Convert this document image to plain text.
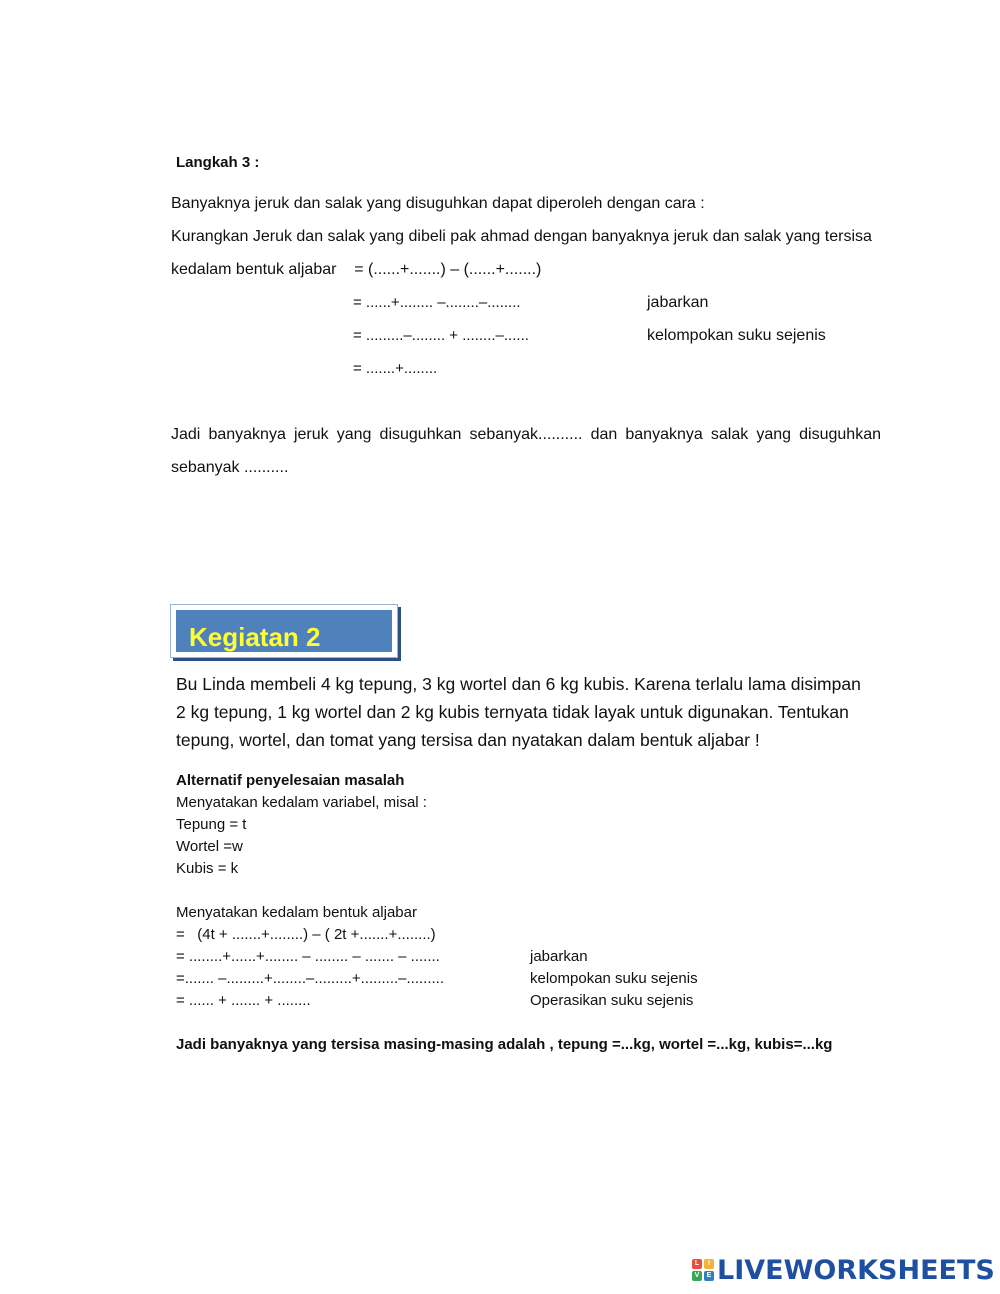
Langkah 3 :
Banyaknya jeruk dan salak yang disuguhkan dapat diperoleh dengan cara :
Kurangkan Jeruk dan salak yang dibeli pak ahmad dengan banyaknya jeruk dan salak yang tersisa
kedalam bentuk aljabar    = (......+.......) – (......+.......)
= ......+........ –........–........	jabarkan
= .........–........ + ........–......	kelompokan suku sejenis
= .......+........
Jadi banyaknya jeruk yang disuguhkan sebanyak.......... dan banyaknya salak yang disuguhkan
sebanyak ..........
Kegiatan 2
Bu Linda membeli 4 kg tepung, 3 kg wortel dan 6 kg kubis. Karena terlalu lama disimpan
2 kg tepung, 1 kg wortel dan 2 kg kubis ternyata tidak layak untuk digunakan. Tentukan
tepung, wortel, dan tomat yang tersisa dan nyatakan dalam bentuk aljabar !
Alternatif penyelesaian masalah
Menyatakan kedalam variabel, misal :
Tepung = t
Wortel =w
Kubis = k
Menyatakan kedalam bentuk aljabar
=   (4t + .......+........) – ( 2t +.......+........)
= ........+......+........ – ........ – ....... – .......	jabarkan
=....... –.........+........–.........+.........–.........	kelompokan suku sejenis
= ...... + ....... + ........	Operasikan suku sejenis
Jadi banyaknya yang tersisa masing-masing adalah , tepung =...kg, wortel =...kg, kubis=...kg
L	I
V	E LIVEWORKSHEETS
